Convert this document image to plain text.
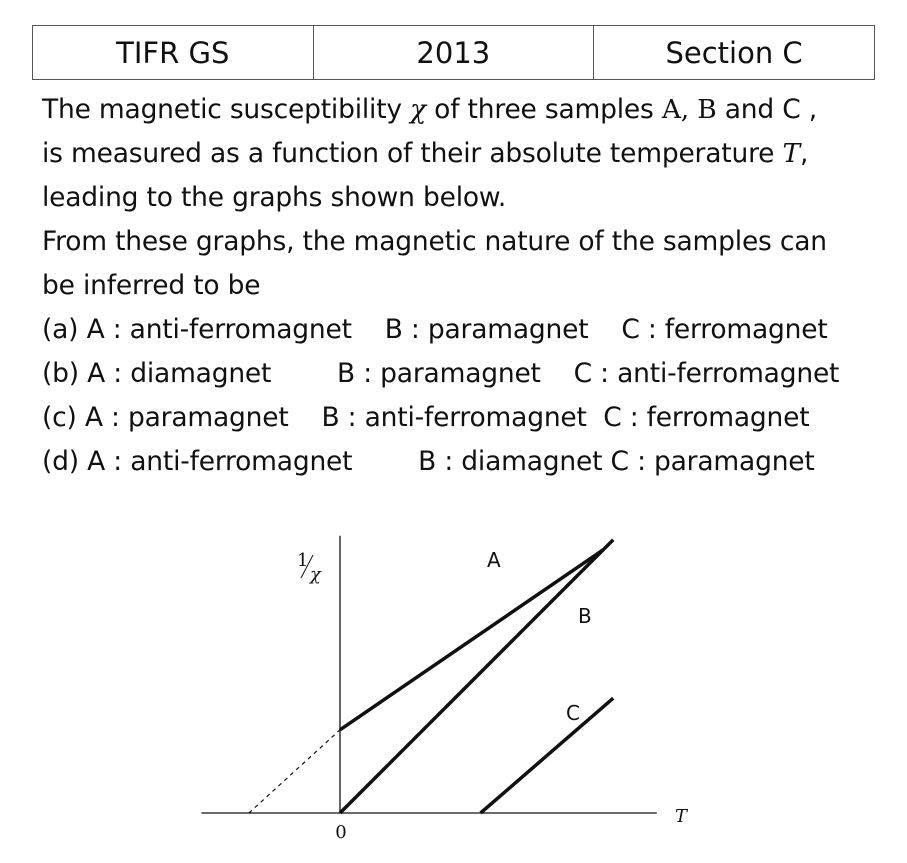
TIFR GS	2013	Section C

The magnetic susceptibility χ of three samples A, B and C ,

is measured as a function of their absolute temperature T,

leading to the graphs shown below.

From these graphs, the magnetic nature of the samples can

be inferred to be

(a) A : anti-ferromagnet B : paramagnet C : ferromagnet

(b) A : diamagnet B : paramagnet C : anti-ferromagnet

(c) A : paramagnet B : anti-ferromagnet C : ferromagnet

(d) A : anti-ferromagnet B : diamagnet C : paramagnet

A
B
C
T
0
1
χ
